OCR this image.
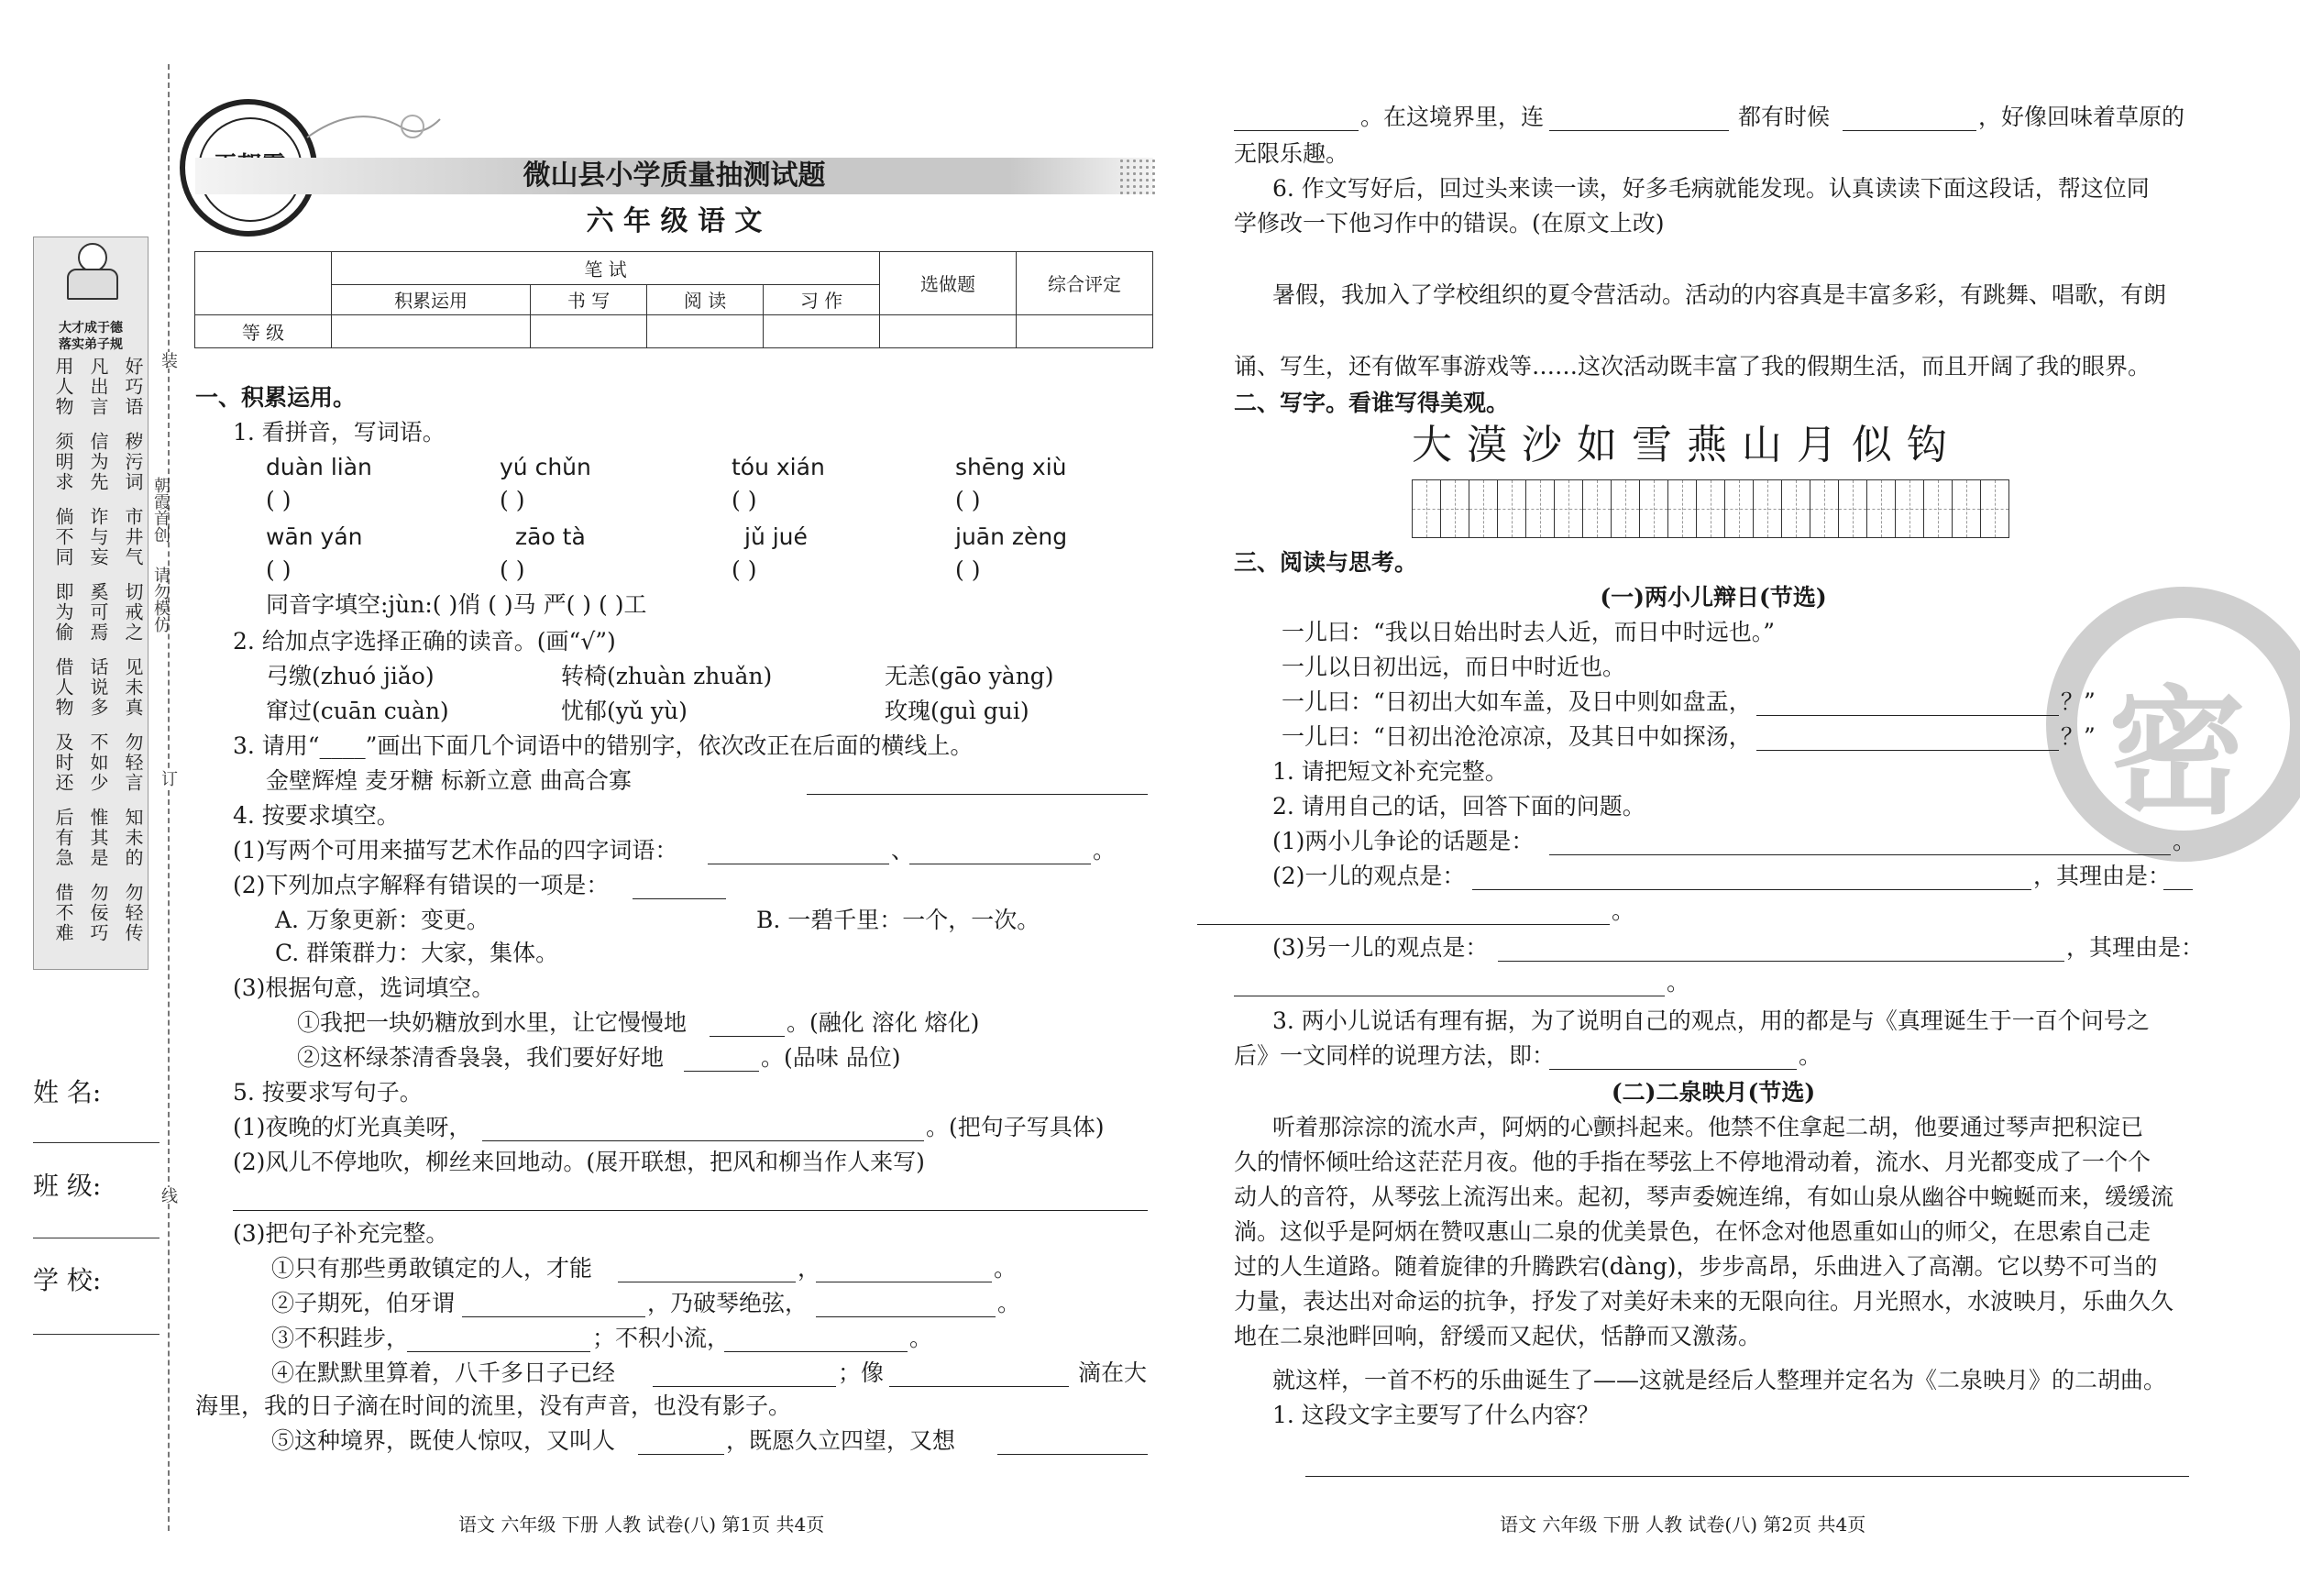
装
订
线
朝霞首创
请勿模仿
微山县小学质量抽测试题
六 年 级 语 文
	笔 试				选做题	综合评定
	积累运用	书 写	阅 读	习 作		
等 级						
大才成于德
落实弟子规
好巧语
凡出言
用人物
秽污词
信为先
须明求
市井气
诈与妄
倘不同
切戒之
奚可焉
即为偷
见未真
话说多
借人物
勿轻言
不如少
及时还
知未的
惟其是
后有急
勿轻传
勿佞巧
借不难
姓 名:
班 级:
学 校:
一、积累运用。
1. 看拼音，写词语。
duàn liàn	yú chǔn	tóu xián	shēng xiù
( )	( )	( )	( )
wān yán	zāo tà	jǔ jué	juān zèng
( )	( )	( )	( )
同音字填空:jùn:( )俏 ( )马 严( ) ( )工
2. 给加点字选择正确的读音。(画“√”)
弓缴(zhuó jiǎo)	转椅(zhuàn zhuǎn)	无恙(gāo yàng)
窜过(cuān cuàn)	忧郁(yǔ yù)	玫瑰(guì gui)
3. 请用“____”画出下面几个词语中的错别字，依次改正在后面的横线上。
金壁辉煌 麦牙糖 标新立意 曲高合寡
4. 按要求填空。
(1)写两个可用来描写艺术作品的四字词语：	、	。
(2)下列加点字解释有错误的一项是：
A. 万象更新：变更。	B. 一碧千里：一个，一次。
C. 群策群力：大家，集体。
(3)根据句意，选词填空。
①我把一块奶糖放到水里，让它慢慢地	。(融化 溶化 熔化)
②这杯绿茶清香袅袅，我们要好好地	。(品味 品位)
5. 按要求写句子。
(1)夜晚的灯光真美呀，	。(把句子写具体)
(2)风儿不停地吹，柳丝来回地动。(展开联想，把风和柳当作人来写)
(3)把句子补充完整。
①只有那些勇敢镇定的人，才能	，	。
②子期死，伯牙谓	，乃破琴绝弦，	。
③不积跬步，	；不积小流，	。
④在默默里算着，八千多日子已经	；像	滴在大
海里，我的日子滴在时间的流里，没有声音，也没有影子。
⑤这种境界，既使人惊叹，又叫人	，既愿久立四望，又想
语文 六年级 下册 人教 试卷(八) 第1页 共4页
密
。在这境界里，连	都有时候	，好像回味着草原的
无限乐趣。
6. 作文写好后，回过头来读一读，好多毛病就能发现。认真读读下面这段话，帮这位同
学修改一下他习作中的错误。(在原文上改)
暑假，我加入了学校组织的夏令营活动。活动的内容真是丰富多彩，有跳舞、唱歌，有朗
诵、写生，还有做军事游戏等……这次活动既丰富了我的假期生活，而且开阔了我的眼界。
二、写字。看谁写得美观。
大 漠 沙 如 雪 燕 山 月 似 钩
三、阅读与思考。
(一)两小儿辩日(节选)
一儿曰：“我以日始出时去人近，而日中时远也。”
一儿以日初出远，而日中时近也。
一儿曰：“日初出大如车盖，及日中则如盘盂，	？”
一儿曰：“日初出沧沧凉凉，及其日中如探汤，	？”
1. 请把短文补充完整。
2. 请用自己的话，回答下面的问题。
(1)两小儿争论的话题是：	。
(2)一儿的观点是：	，其理由是：
。
(3)另一儿的观点是：	，其理由是：
。
3. 两小儿说话有理有据，为了说明自己的观点，用的都是与《真理诞生于一百个问号之
后》一文同样的说理方法，即：	。
(二)二泉映月(节选)
听着那淙淙的流水声，阿炳的心颤抖起来。他禁不住拿起二胡，他要通过琴声把积淀已
久的情怀倾吐给这茫茫月夜。他的手指在琴弦上不停地滑动着，流水、月光都变成了一个个
动人的音符，从琴弦上流泻出来。起初，琴声委婉连绵，有如山泉从幽谷中蜿蜒而来，缓缓流
淌。这似乎是阿炳在赞叹惠山二泉的优美景色，在怀念对他恩重如山的师父，在思索自己走
过的人生道路。随着旋律的升腾跌宕(dàng)，步步高昂，乐曲进入了高潮。它以势不可当的
力量，表达出对命运的抗争，抒发了对美好未来的无限向往。月光照水，水波映月，乐曲久久
地在二泉池畔回响，舒缓而又起伏，恬静而又激荡。
就这样，一首不朽的乐曲诞生了——这就是经后人整理并定名为《二泉映月》的二胡曲。
1. 这段文字主要写了什么内容？
语文 六年级 下册 人教 试卷(八) 第2页 共4页
